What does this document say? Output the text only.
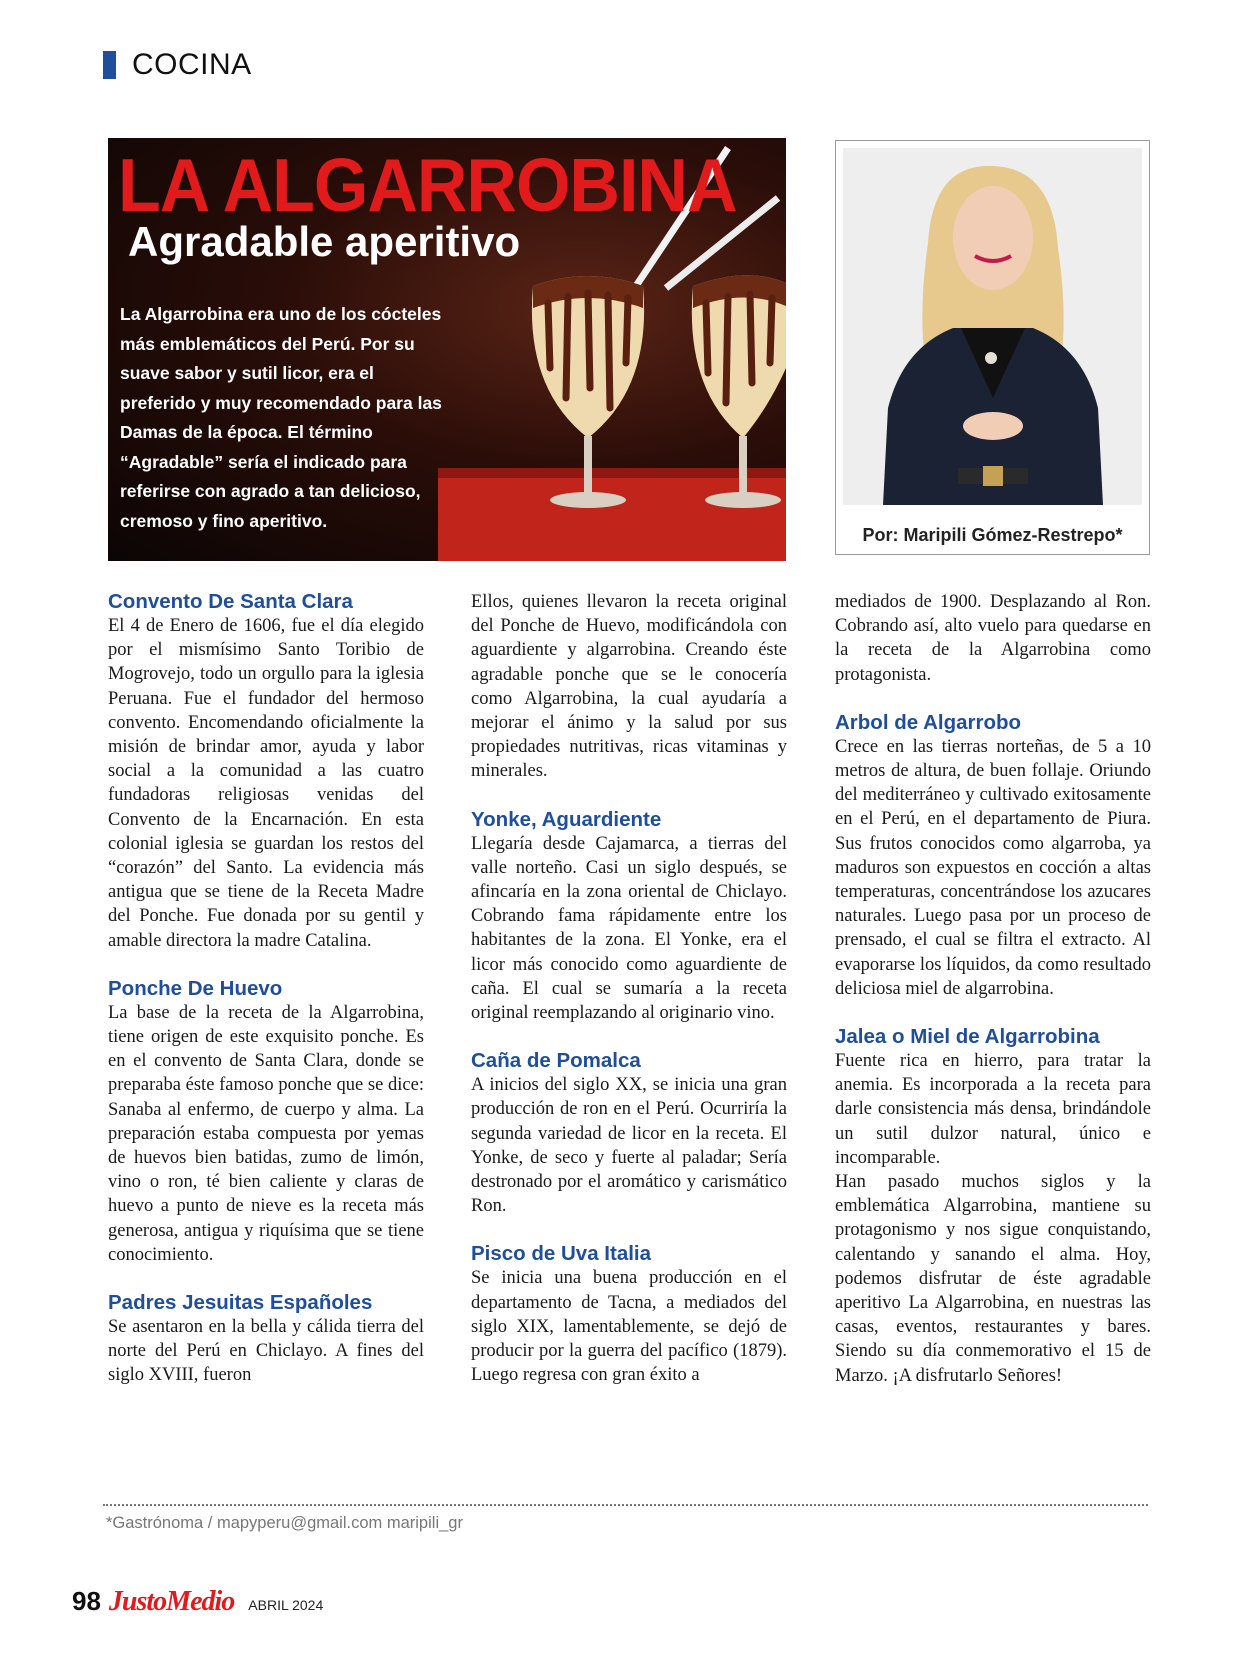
COCINA
LA ALGARROBINA
Agradable aperitivo

La Algarrobina era uno de los cócteles más emblemáticos del Perú. Por su suave sabor y sutil licor, era el preferido y muy recomendado para las Damas de la época. El término “Agradable” sería el indicado para referirse con agrado a tan delicioso, cremoso y fino aperitivo.

Por: Maripili Gómez-Restrepo*
Convento De Santa Clara

El 4 de Enero de 1606, fue el día elegido por el mismísimo Santo Toribio de Mogrovejo, todo un orgullo para la iglesia Peruana. Fue el fundador del hermoso convento. Encomendando oficialmente la misión de brindar amor, ayuda y labor social a la comunidad a las cuatro fundadoras religiosas venidas del Convento de la Encarnación. En esta colonial iglesia se guardan los restos del “corazón” del Santo. La evidencia más antigua que se tiene de la Receta Madre del Ponche. Fue donada por su gentil y amable directora la madre Catalina.

Ponche De Huevo

La base de la receta de la Algarrobina, tiene origen de este exquisito ponche. Es en el convento de Santa Clara, donde se preparaba éste famoso ponche que se dice: Sanaba al enfermo, de cuerpo y alma. La preparación estaba compuesta por yemas de huevos bien batidas, zumo de limón, vino o ron, té bien caliente y claras de huevo a punto de nieve es la receta más generosa, antigua y riquísima que se tiene conocimiento.

Padres Jesuitas Españoles

Se asentaron en la bella y cálida tierra del norte del Perú en Chiclayo. A fines del siglo XVIII, fueron

Ellos, quienes llevaron la receta original del Ponche de Huevo, modificándola con aguardiente y algarrobina. Creando éste agradable ponche que se le conocería como Algarrobina, la cual ayudaría a mejorar el ánimo y la salud por sus propiedades nutritivas, ricas vitaminas y minerales.

Yonke, Aguardiente

Llegaría desde Cajamarca, a tierras del valle norteño. Casi un siglo después, se afincaría en la zona oriental de Chiclayo. Cobrando fama rápidamente entre los habitantes de la zona. El Yonke, era el licor más conocido como aguardiente de caña. El cual se sumaría a la receta original reemplazando al originario vino.

Caña de Pomalca

A inicios del siglo XX, se inicia una gran producción de ron en el Perú. Ocurriría la segunda variedad de licor en la receta. El Yonke, de seco y fuerte al paladar; Sería destronado por el aromático y carismático Ron.

Pisco de Uva Italia

Se inicia una buena producción en el departamento de Tacna, a mediados del siglo XIX, lamentablemente, se dejó de producir por la guerra del pacífico (1879). Luego regresa con gran éxito a

mediados de 1900. Desplazando al Ron. Cobrando así, alto vuelo para quedarse en la receta de la Algarrobina como protagonista.

Arbol de Algarrobo

Crece en las tierras norteñas, de 5 a 10 metros de altura, de buen follaje. Oriundo del mediterráneo y cultivado exitosamente en el Perú, en el departamento de Piura. Sus frutos conocidos como algarroba, ya maduros son expuestos en cocción a altas temperaturas, concentrándose los azucares naturales. Luego pasa por un proceso de prensado, el cual se filtra el extracto. Al evaporarse los líquidos, da como resultado deliciosa miel de algarrobina.

Jalea o Miel de Algarrobina

Fuente rica en hierro, para tratar la anemia. Es incorporada a la receta para darle consistencia más densa, brindándole un sutil dulzor natural, único e incomparable.

Han pasado muchos siglos y la emblemática Algarrobina, mantiene su protagonismo y nos sigue conquistando, calentando y sanando el alma. Hoy, podemos disfrutar de éste agradable aperitivo La Algarrobina, en nuestras las casas, eventos, restaurantes y bares. Siendo su día conmemorativo el 15 de Marzo. ¡A disfrutarlo Señores!

*Gastrónoma / mapyperu@gmail.com maripili_gr
98 JustoMedio ABRIL 2024
